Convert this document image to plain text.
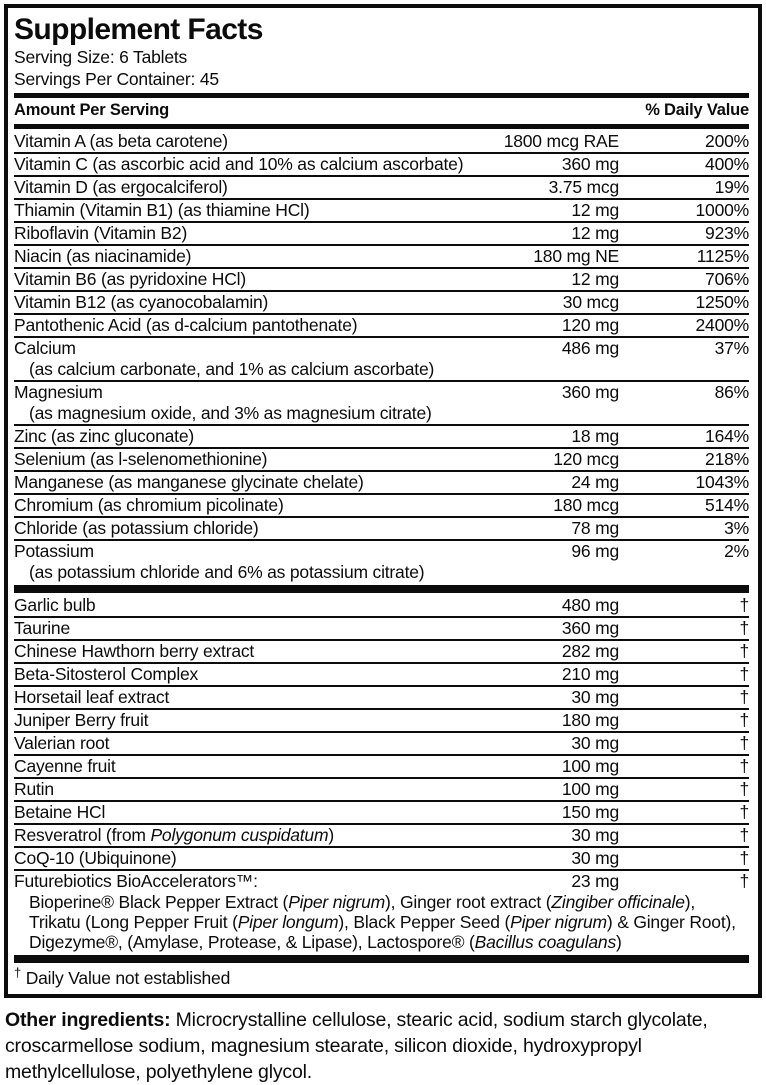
Supplement Facts
Serving Size: 6 Tablets
Servings Per Container: 45
Amount Per Serving	% Daily Value
Vitamin A (as beta carotene)	1800 mcg RAE	200%
Vitamin C (as ascorbic acid and 10% as calcium ascorbate)	360 mg	400%
Vitamin D (as ergocalciferol)	3.75 mcg	19%
Thiamin (Vitamin B1) (as thiamine HCl)	12 mg	1000%
Riboflavin (Vitamin B2)	12 mg	923%
Niacin (as niacinamide)	180 mg NE	1125%
Vitamin B6 (as pyridoxine HCl)	12 mg	706%
Vitamin B12 (as cyanocobalamin)	30 mcg	1250%
Pantothenic Acid (as d-calcium pantothenate)	120 mg	2400%
Calcium	486 mg	37%
(as calcium carbonate, and 1% as calcium ascorbate)
Magnesium	360 mg	86%
(as magnesium oxide, and 3% as magnesium citrate)
Zinc (as zinc gluconate)	18 mg	164%
Selenium (as l-selenomethionine)	120 mcg	218%
Manganese (as manganese glycinate chelate)	24 mg	1043%
Chromium (as chromium picolinate)	180 mcg	514%
Chloride (as potassium chloride)	78 mg	3%
Potassium	96 mg	2%
(as potassium chloride and 6% as potassium citrate)
Garlic bulb	480 mg	†
Taurine	360 mg	†
Chinese Hawthorn berry extract	282 mg	†
Beta-Sitosterol Complex	210 mg	†
Horsetail leaf extract	30 mg	†
Juniper Berry fruit	180 mg	†
Valerian root	30 mg	†
Cayenne fruit	100 mg	†
Rutin	100 mg	†
Betaine HCl	150 mg	†
Resveratrol (from Polygonum cuspidatum)	30 mg	†
CoQ-10 (Ubiquinone)	30 mg	†
Futurebiotics BioAccelerators™:	23 mg	†
Bioperine® Black Pepper Extract (Piper nigrum), Ginger root extract (Zingiber officinale), Trikatu (Long Pepper Fruit (Piper longum), Black Pepper Seed (Piper nigrum) & Ginger Root), Digezyme®, (Amylase, Protease, & Lipase), Lactospore® (Bacillus coagulans)
† Daily Value not established

Other ingredients: Microcrystalline cellulose, stearic acid, sodium starch glycolate, croscarmellose sodium, magnesium stearate, silicon dioxide, hydroxypropyl methylcellulose, polyethylene glycol.
